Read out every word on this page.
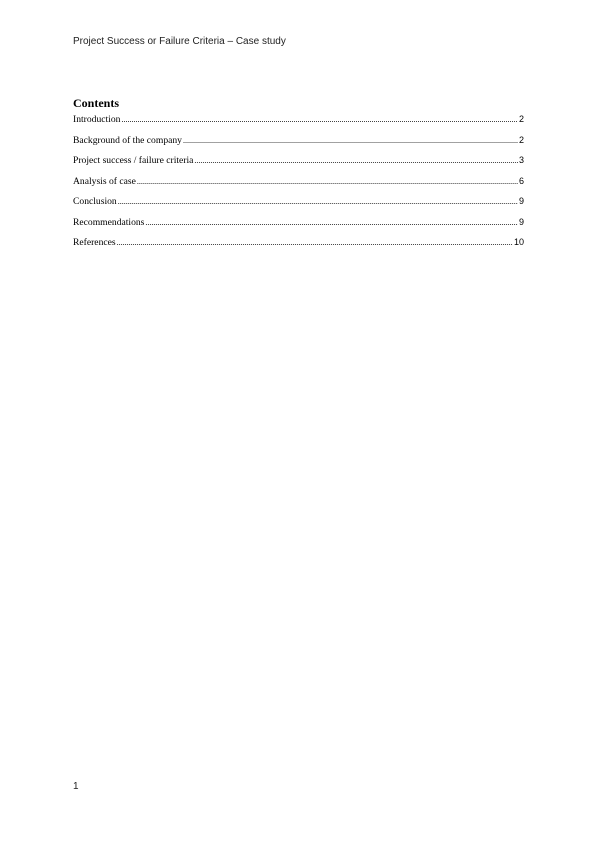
Project Success or Failure Criteria – Case study
Contents
Introduction .....	2
Background of the company .....	2
Project success / failure criteria .....	3
Analysis of case .....	6
Conclusion .....	9
Recommendations .....	9
References .....	10
1
